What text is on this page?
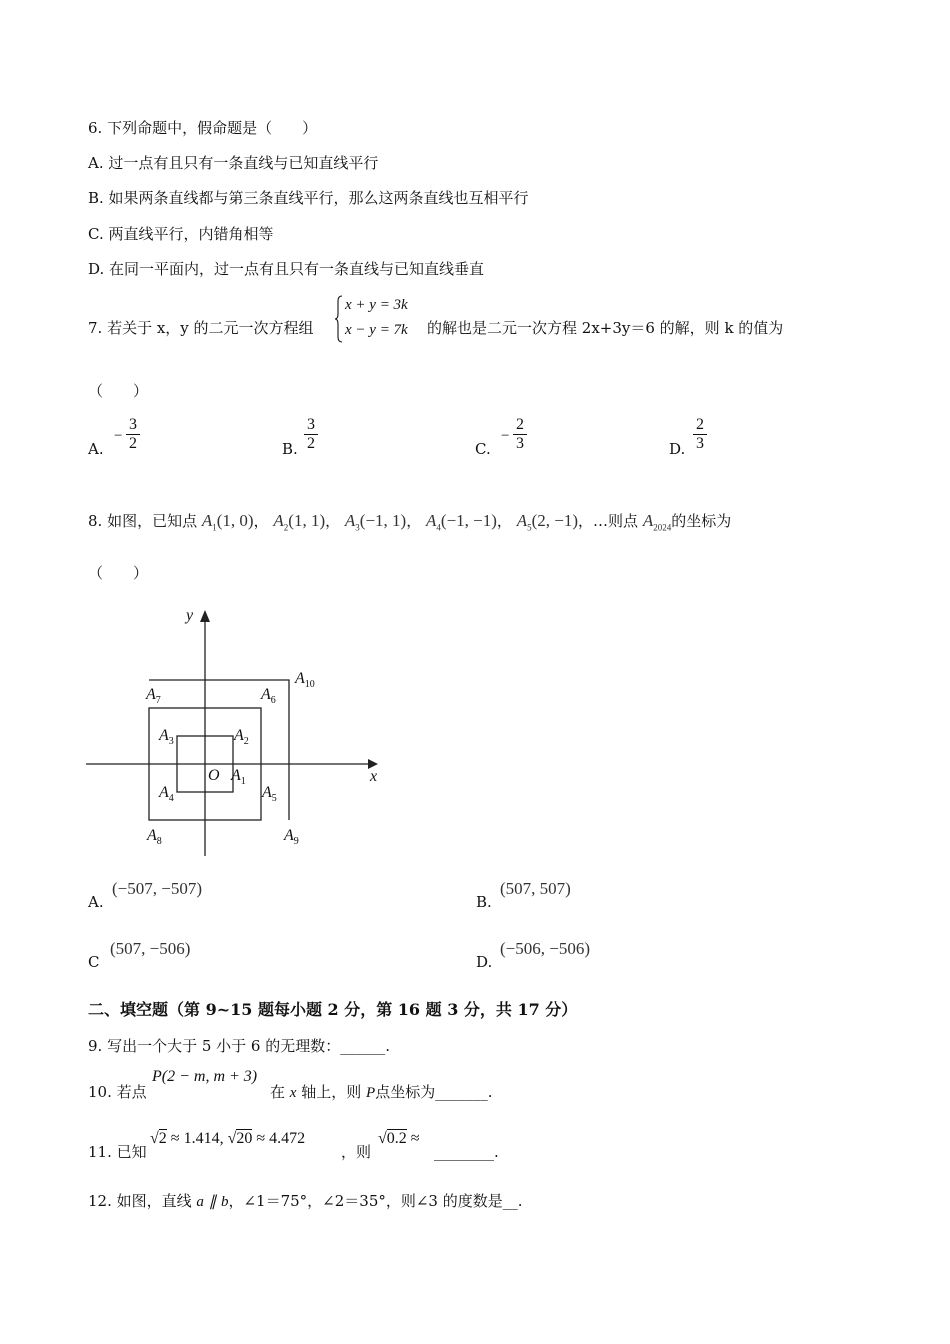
6. 下列命题中，假命题是（　　）
A. 过一点有且只有一条直线与已知直线平行
B. 如果两条直线都与第三条直线平行，那么这两条直线也互相平行
C. 两直线平行，内错角相等
D. 在同一平面内，过一点有且只有一条直线与已知直线垂直
7. 若关于 x，y 的二元一次方程组
x + y = 3k
x − y = 7k 的解也是二元一次方程 2x+3y＝6 的解，则 k 的值为
（　　）
A.
− $\frac{3}{2}$	B. $\frac{3}{2}$	C.
− $\frac{2}{3}$	D. $\frac{2}{3}$
8. 如图，已知点 $A_1(1$, 0)， $A_2(1$, 1)， $A_3(-1$, 1)， $A_4(-1$, −1)， $A_5(2$, −1)，…则点 $A_{2024}$的坐标为
（　　）
y
x
O $A_1$
$A_2$
$A_3$
$A_4$	$A_5$
$A_6$
$A_7$
$A_8$	$A_9$
$A_{10}$
A.
(−507, −507)
B.
(507, 507)
C
(507, −506)
D.
(−506, −506)
二、填空题（第 9~15 题每小题 2 分，第 16 题 3 分，共 17 分）
9. 写出一个大于 5 小于 6 的无理数：______.
10. 若点
P(2 − m, m + 3)
在 x 轴上，则 P点坐标为_______.
11. 已知
√2 ≈ 1.414, √20 ≈ 4.472
，则
√0.2 ≈
________.
12. 如图，直线 a ∥ b，∠1＝75°，∠2＝35°，则∠3 的度数是__.
